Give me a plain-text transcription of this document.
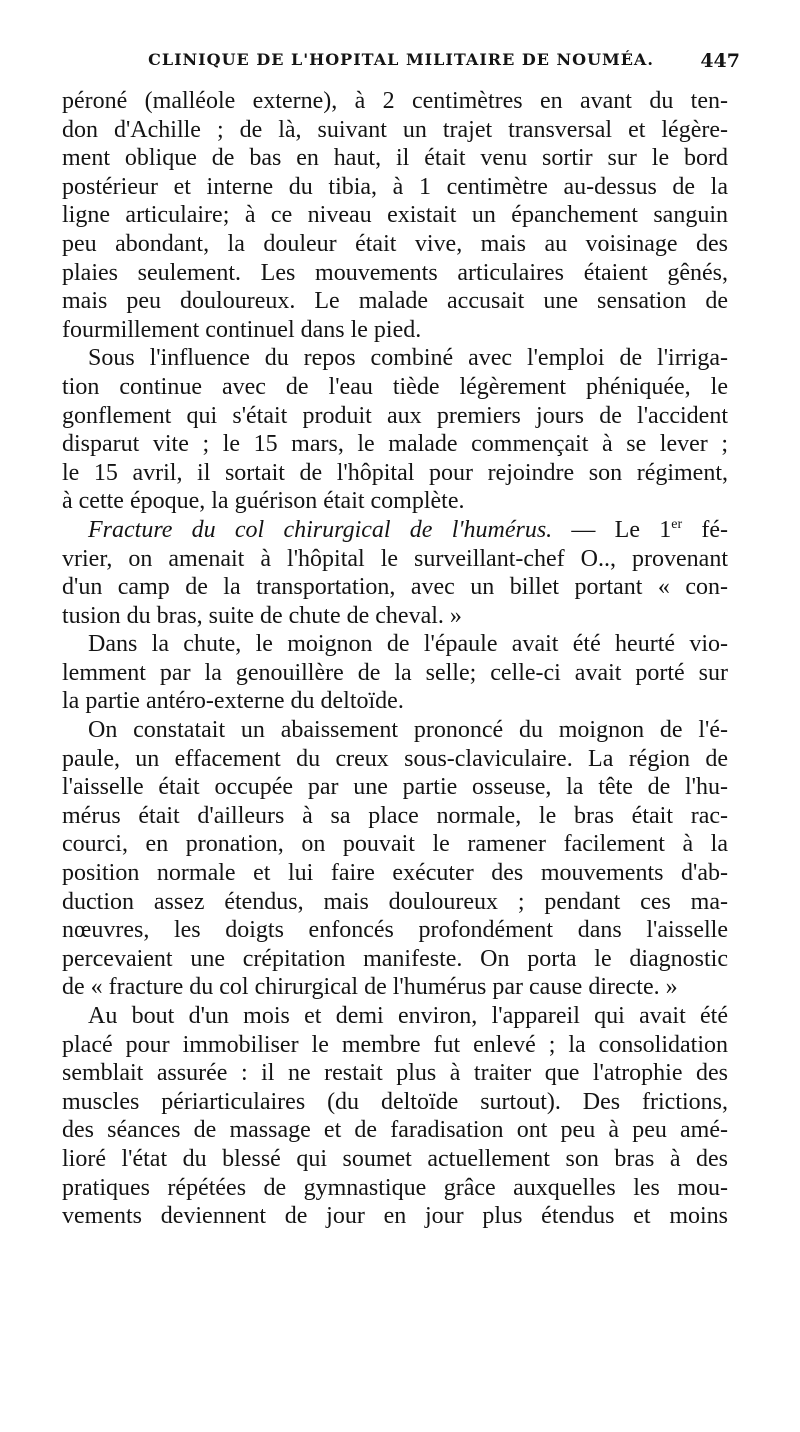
CLINIQUE DE L'HOPITAL MILITAIRE DE NOUMÉA.	447
péroné (malléole externe), à 2 centimètres en avant du ten-
don d'Achille ; de là, suivant un trajet transversal et légère-
ment oblique de bas en haut, il était venu sortir sur le bord
postérieur et interne du tibia, à 1 centimètre au-dessus de la
ligne articulaire; à ce niveau existait un épanchement sanguin
peu abondant, la douleur était vive, mais au voisinage des
plaies seulement. Les mouvements articulaires étaient gênés,
mais peu douloureux. Le malade accusait une sensation de
fourmillement continuel dans le pied.
Sous l'influence du repos combiné avec l'emploi de l'irriga-
tion continue avec de l'eau tiède légèrement phéniquée, le
gonflement qui s'était produit aux premiers jours de l'accident
disparut vite ; le 15 mars, le malade commençait à se lever ;
le 15 avril, il sortait de l'hôpital pour rejoindre son régiment,
à cette époque, la guérison était complète.
Fracture du col chirurgical de l'humérus. — Le 1er fé-
vrier, on amenait à l'hôpital le surveillant-chef O.., provenant
d'un camp de la transportation, avec un billet portant « con-
tusion du bras, suite de chute de cheval. »
Dans la chute, le moignon de l'épaule avait été heurté vio-
lemment par la genouillère de la selle; celle-ci avait porté sur
la partie antéro-externe du deltoïde.
On constatait un abaissement prononcé du moignon de l'é-
paule, un effacement du creux sous-claviculaire. La région de
l'aisselle était occupée par une partie osseuse, la tête de l'hu-
mérus était d'ailleurs à sa place normale, le bras était rac-
courci, en pronation, on pouvait le ramener facilement à la
position normale et lui faire exécuter des mouvements d'ab-
duction assez étendus, mais douloureux ; pendant ces ma-
nœuvres, les doigts enfoncés profondément dans l'aisselle
percevaient une crépitation manifeste. On porta le diagnostic
de « fracture du col chirurgical de l'humérus par cause directe. »
Au bout d'un mois et demi environ, l'appareil qui avait été
placé pour immobiliser le membre fut enlevé ; la consolidation
semblait assurée : il ne restait plus à traiter que l'atrophie des
muscles périarticulaires (du deltoïde surtout). Des frictions,
des séances de massage et de faradisation ont peu à peu amé-
lioré l'état du blessé qui soumet actuellement son bras à des
pratiques répétées de gymnastique grâce auxquelles les mou-
vements deviennent de jour en jour plus étendus et moins
